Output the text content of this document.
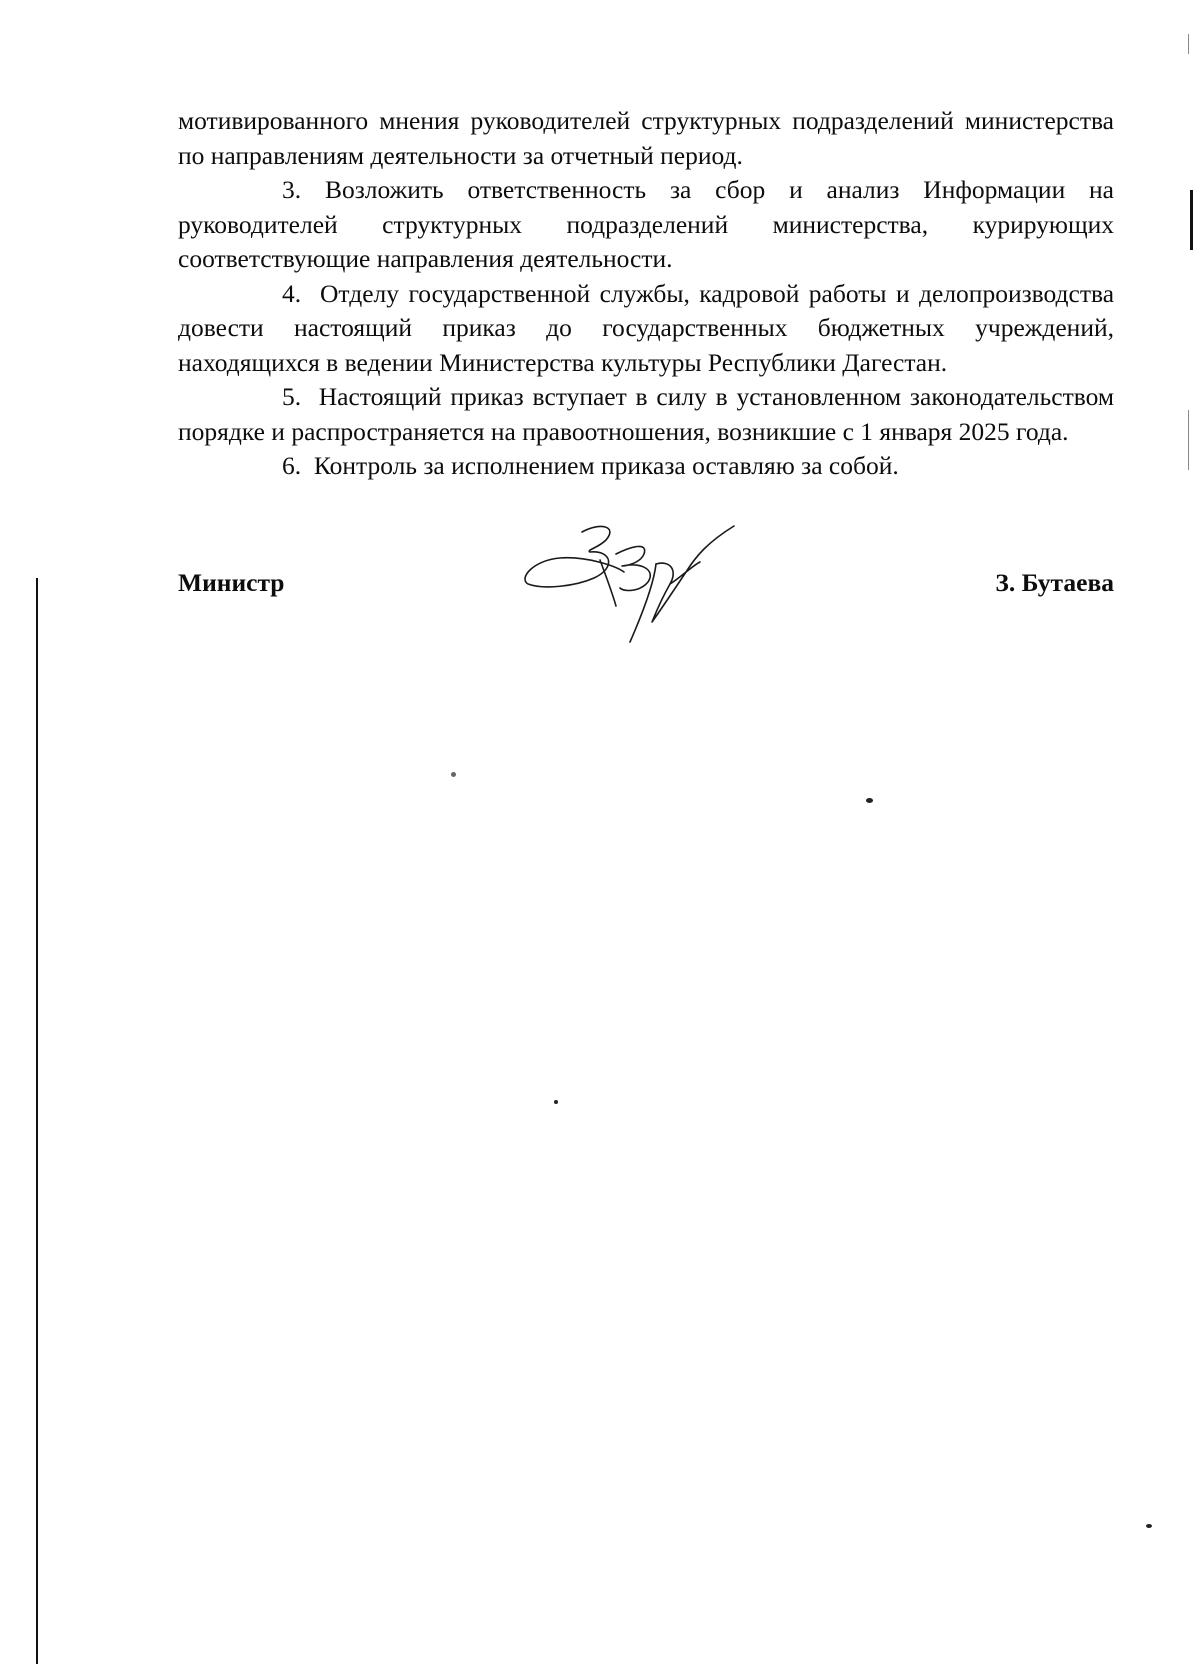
мотивированного мнения руководителей структурных подразделений министерства по направлениям деятельности за отчетный период.

3. Возложить ответственность за сбор и анализ Информации на руководителей структурных подразделений министерства, курирующих соответствующие направления деятельности.

4. Отделу государственной службы, кадровой работы и делопроизводства довести настоящий приказ до государственных бюджетных учреждений, находящихся в ведении Министерства культуры Республики Дагестан.

5. Настоящий приказ вступает в силу в установленном законодательством порядке и распространяется на правоотношения, возникшие с 1 января 2025 года.

6. Контроль за исполнением приказа оставляю за собой.

Министр	З. Бутаева
